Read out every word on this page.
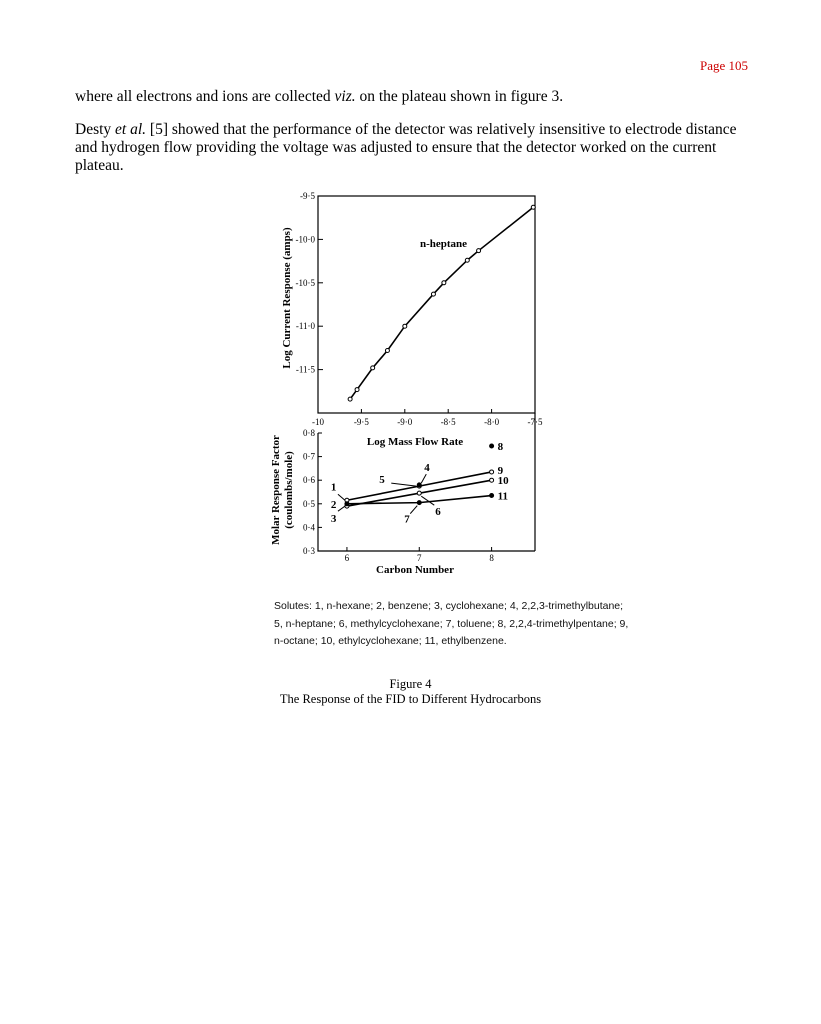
Page 105

where all electrons and ions are collected viz. on the plateau shown in figure 3.

Desty et al. [5] showed that the performance of the detector was relatively insensitive to electrode distance and hydrogen flow providing the voltage was adjusted to ensure that the detector worked on the current plateau.

n-heptane
Log Current Response (amps)
Log Mass Flow Rate
-9·5
-10·0
-10·5
-11·0
-11·5
-10	-9·5	-9·0	-8·5	-8·0	-7·5
Molar Response Factor (coulombs/mole)
Carbon Number
0·8
0·7
0·6
0·5
0·4
0·3
6	7	8
1
2
3
4
5
6
7
8
9
10
11

Solutes: 1, n-hexane; 2, benzene; 3, cyclohexane; 4, 2,2,3-trimethylbutane; 5, n-heptane; 6, methylcyclohexane; 7, toluene; 8, 2,2,4-trimethylpentane; 9, n-octane; 10, ethylcyclohexane; 11, ethylbenzene.

Figure 4
The Response of the FID to Different Hydrocarbons
